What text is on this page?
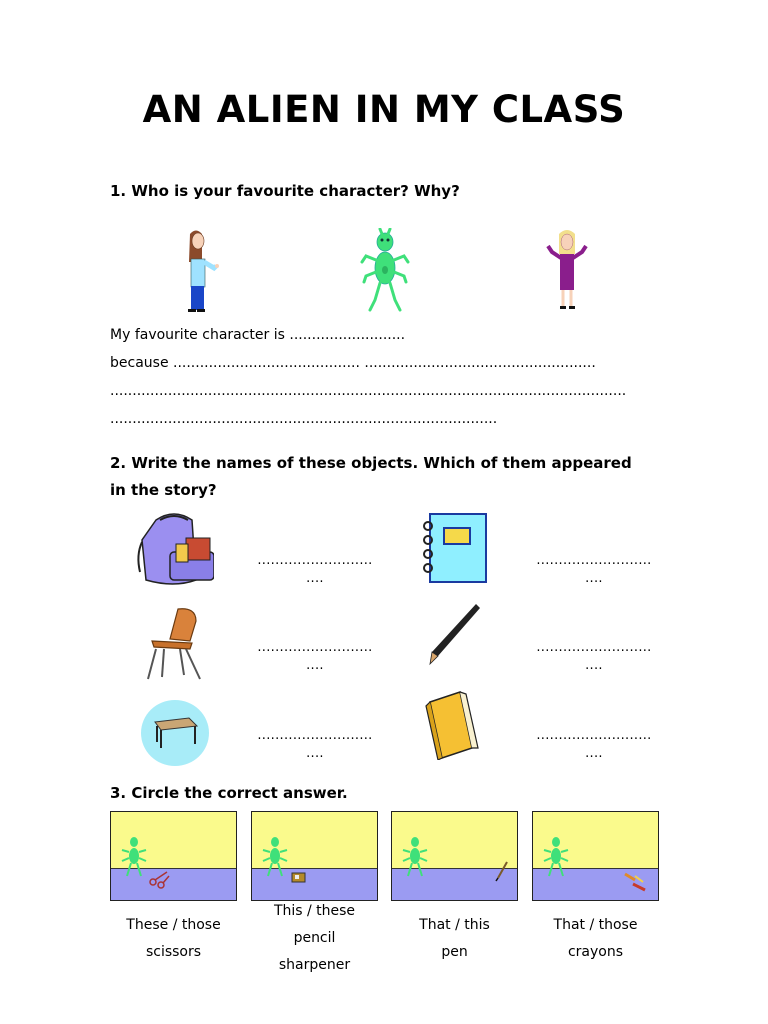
AN ALIEN IN MY CLASS
1. Who is your favourite character? Why?
My favourite character is ..........................
because .......................................... ....................................................
....................................................................................................................
.......................................................................................
2. Write the names of these objects. Which of them appeared
in the story?
..........................
....
..........................
....
..........................
....
..........................
....
..........................
....
..........................
....
3. Circle the correct answer.
These / those
scissors
This / these
pencil
sharpener
That / this
pen
That / those
crayons
